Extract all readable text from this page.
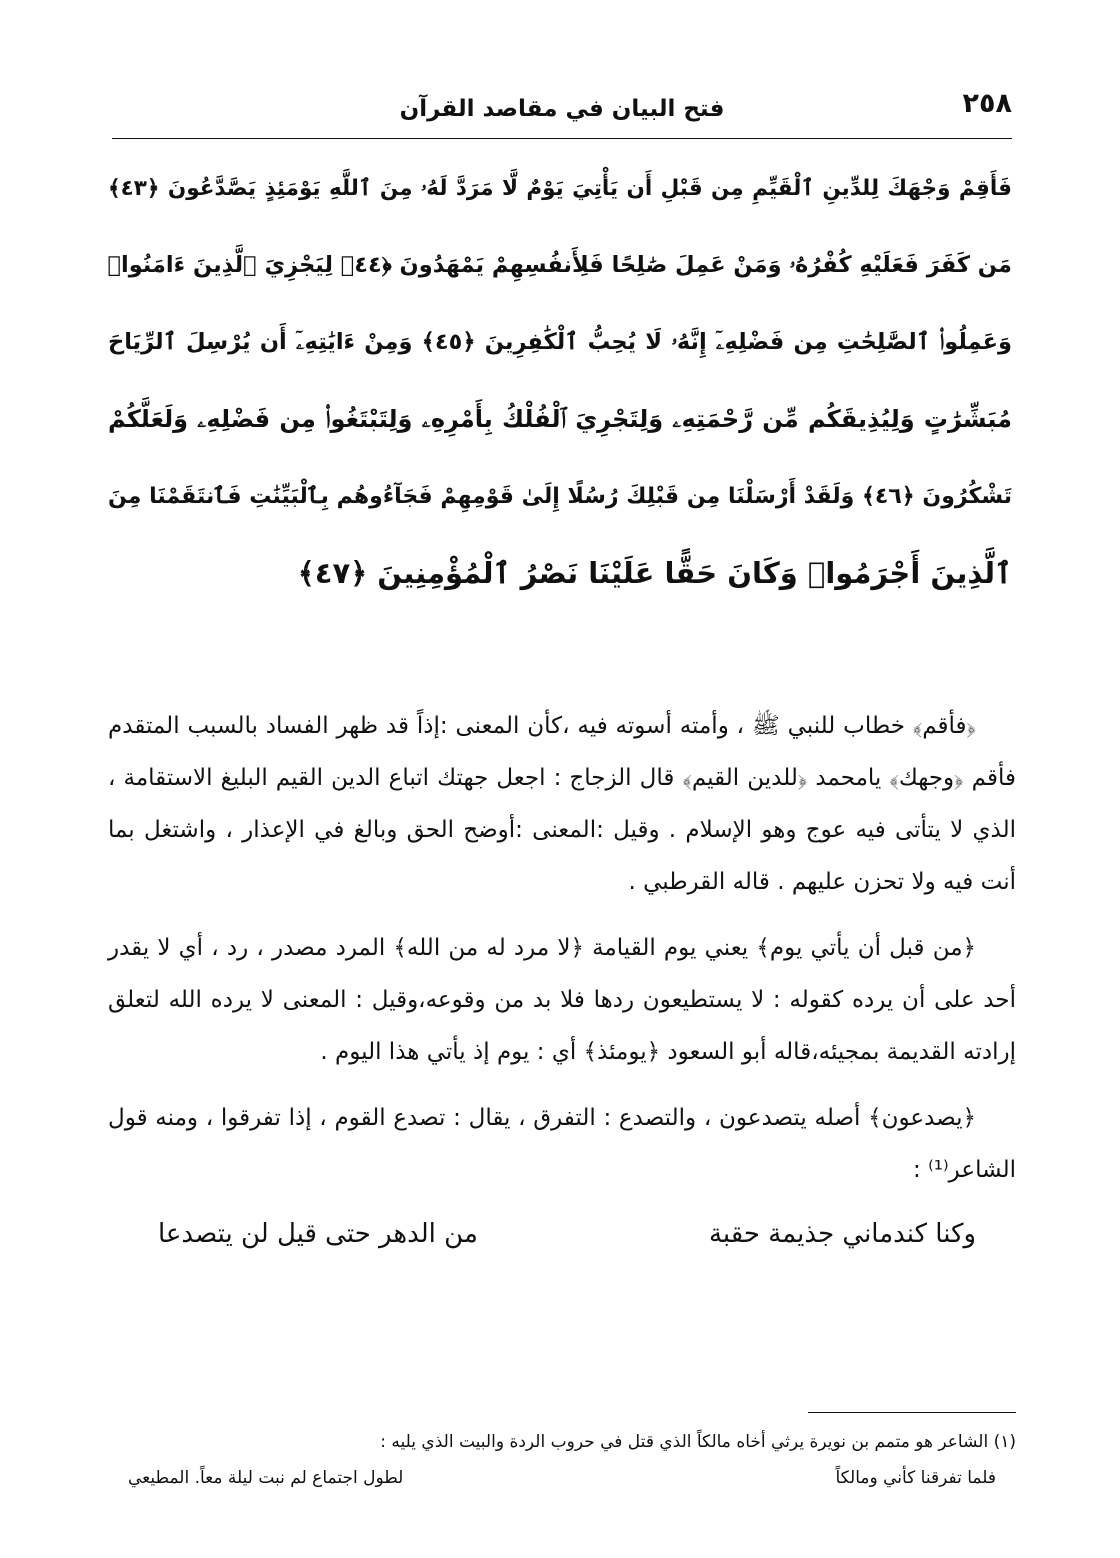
٢٥٨
فتح البيان في مقاصد القرآن
فَأَقِمْ وَجْهَكَ لِلدِّينِ ٱلْقَيِّمِ مِن قَبْلِ أَن يَأْتِيَ يَوْمٌ لَّا مَرَدَّ لَهُۥ مِنَ ٱللَّهِ يَوْمَئِذٍ يَصَّدَّعُونَ ﴿٤٣﴾
مَن كَفَرَ فَعَلَيْهِ كُفْرُهُۥ وَمَنْ عَمِلَ صَٰلِحًا فَلِأَنفُسِهِمْ يَمْهَدُونَ ﴿٤٤﴾ لِيَجْزِيَ ٱلَّذِينَ ءَامَنُوا۟
وَعَمِلُوا۟ ٱلصَّٰلِحَٰتِ مِن فَضْلِهِۦٓ إِنَّهُۥ لَا يُحِبُّ ٱلْكَٰفِرِينَ ﴿٤٥﴾ وَمِنْ ءَايَٰتِهِۦٓ أَن يُرْسِلَ ٱلرِّيَاحَ
مُبَشِّرَٰتٍ وَلِيُذِيقَكُم مِّن رَّحْمَتِهِۦ وَلِتَجْرِيَ ٱلْفُلْكُ بِأَمْرِهِۦ وَلِتَبْتَغُوا۟ مِن فَضْلِهِۦ وَلَعَلَّكُمْ
تَشْكُرُونَ ﴿٤٦﴾ وَلَقَدْ أَرْسَلْنَا مِن قَبْلِكَ رُسُلًا إِلَىٰ قَوْمِهِمْ فَجَآءُوهُم بِٱلْبَيِّنَٰتِ فَٱنتَقَمْنَا مِنَ
ٱلَّذِينَ أَجْرَمُوا۟ وَكَانَ حَقًّا عَلَيْنَا نَصْرُ ٱلْمُؤْمِنِينَ ﴿٤٧﴾

﴿فأقم﴾ خطاب للنبي ﷺ ، وأمته أسوته فيه ،كأن المعنى :إذاً قد ظهر الفساد بالسبب المتقدم فأقم ﴿وجهك﴾ يامحمد ﴿للدين القيم﴾ قال الزجاج : اجعل جهتك اتباع الدين القيم البليغ الاستقامة ، الذي لا يتأتى فيه عوج وهو الإسلام . وقيل :المعنى :أوضح الحق وبالغ في الإعذار ، واشتغل بما أنت فيه ولا تحزن عليهم . قاله القرطبي .

﴿من قبل أن يأتي يوم﴾ يعني يوم القيامة ﴿لا مرد له من الله﴾ المرد مصدر ، رد ، أي لا يقدر أحد على أن يرده كقوله : لا يستطيعون ردها فلا بد من وقوعه،وقيل : المعنى لا يرده الله لتعلق إرادته القديمة بمجيئه،قاله أبو السعود ﴿يومئذ﴾ أي : يوم إذ يأتي هذا اليوم .

﴿يصدعون﴾ أصله يتصدعون ، والتصدع : التفرق ، يقال : تصدع القوم ، إذا تفرقوا ، ومنه قول الشاعر⁽¹⁾ :

وكنا كندماني جذيمة حقبة
من الدهر حتى قيل لن يتصدعا
(١) الشاعر هو متمم بن نويرة يرثي أخاه مالكاً الذي قتل في حروب الردة والبيت الذي يليه :
فلما تفرقنا كأني ومالكاً
لطول اجتماع لم نبت ليلة معاً. المطيعي
